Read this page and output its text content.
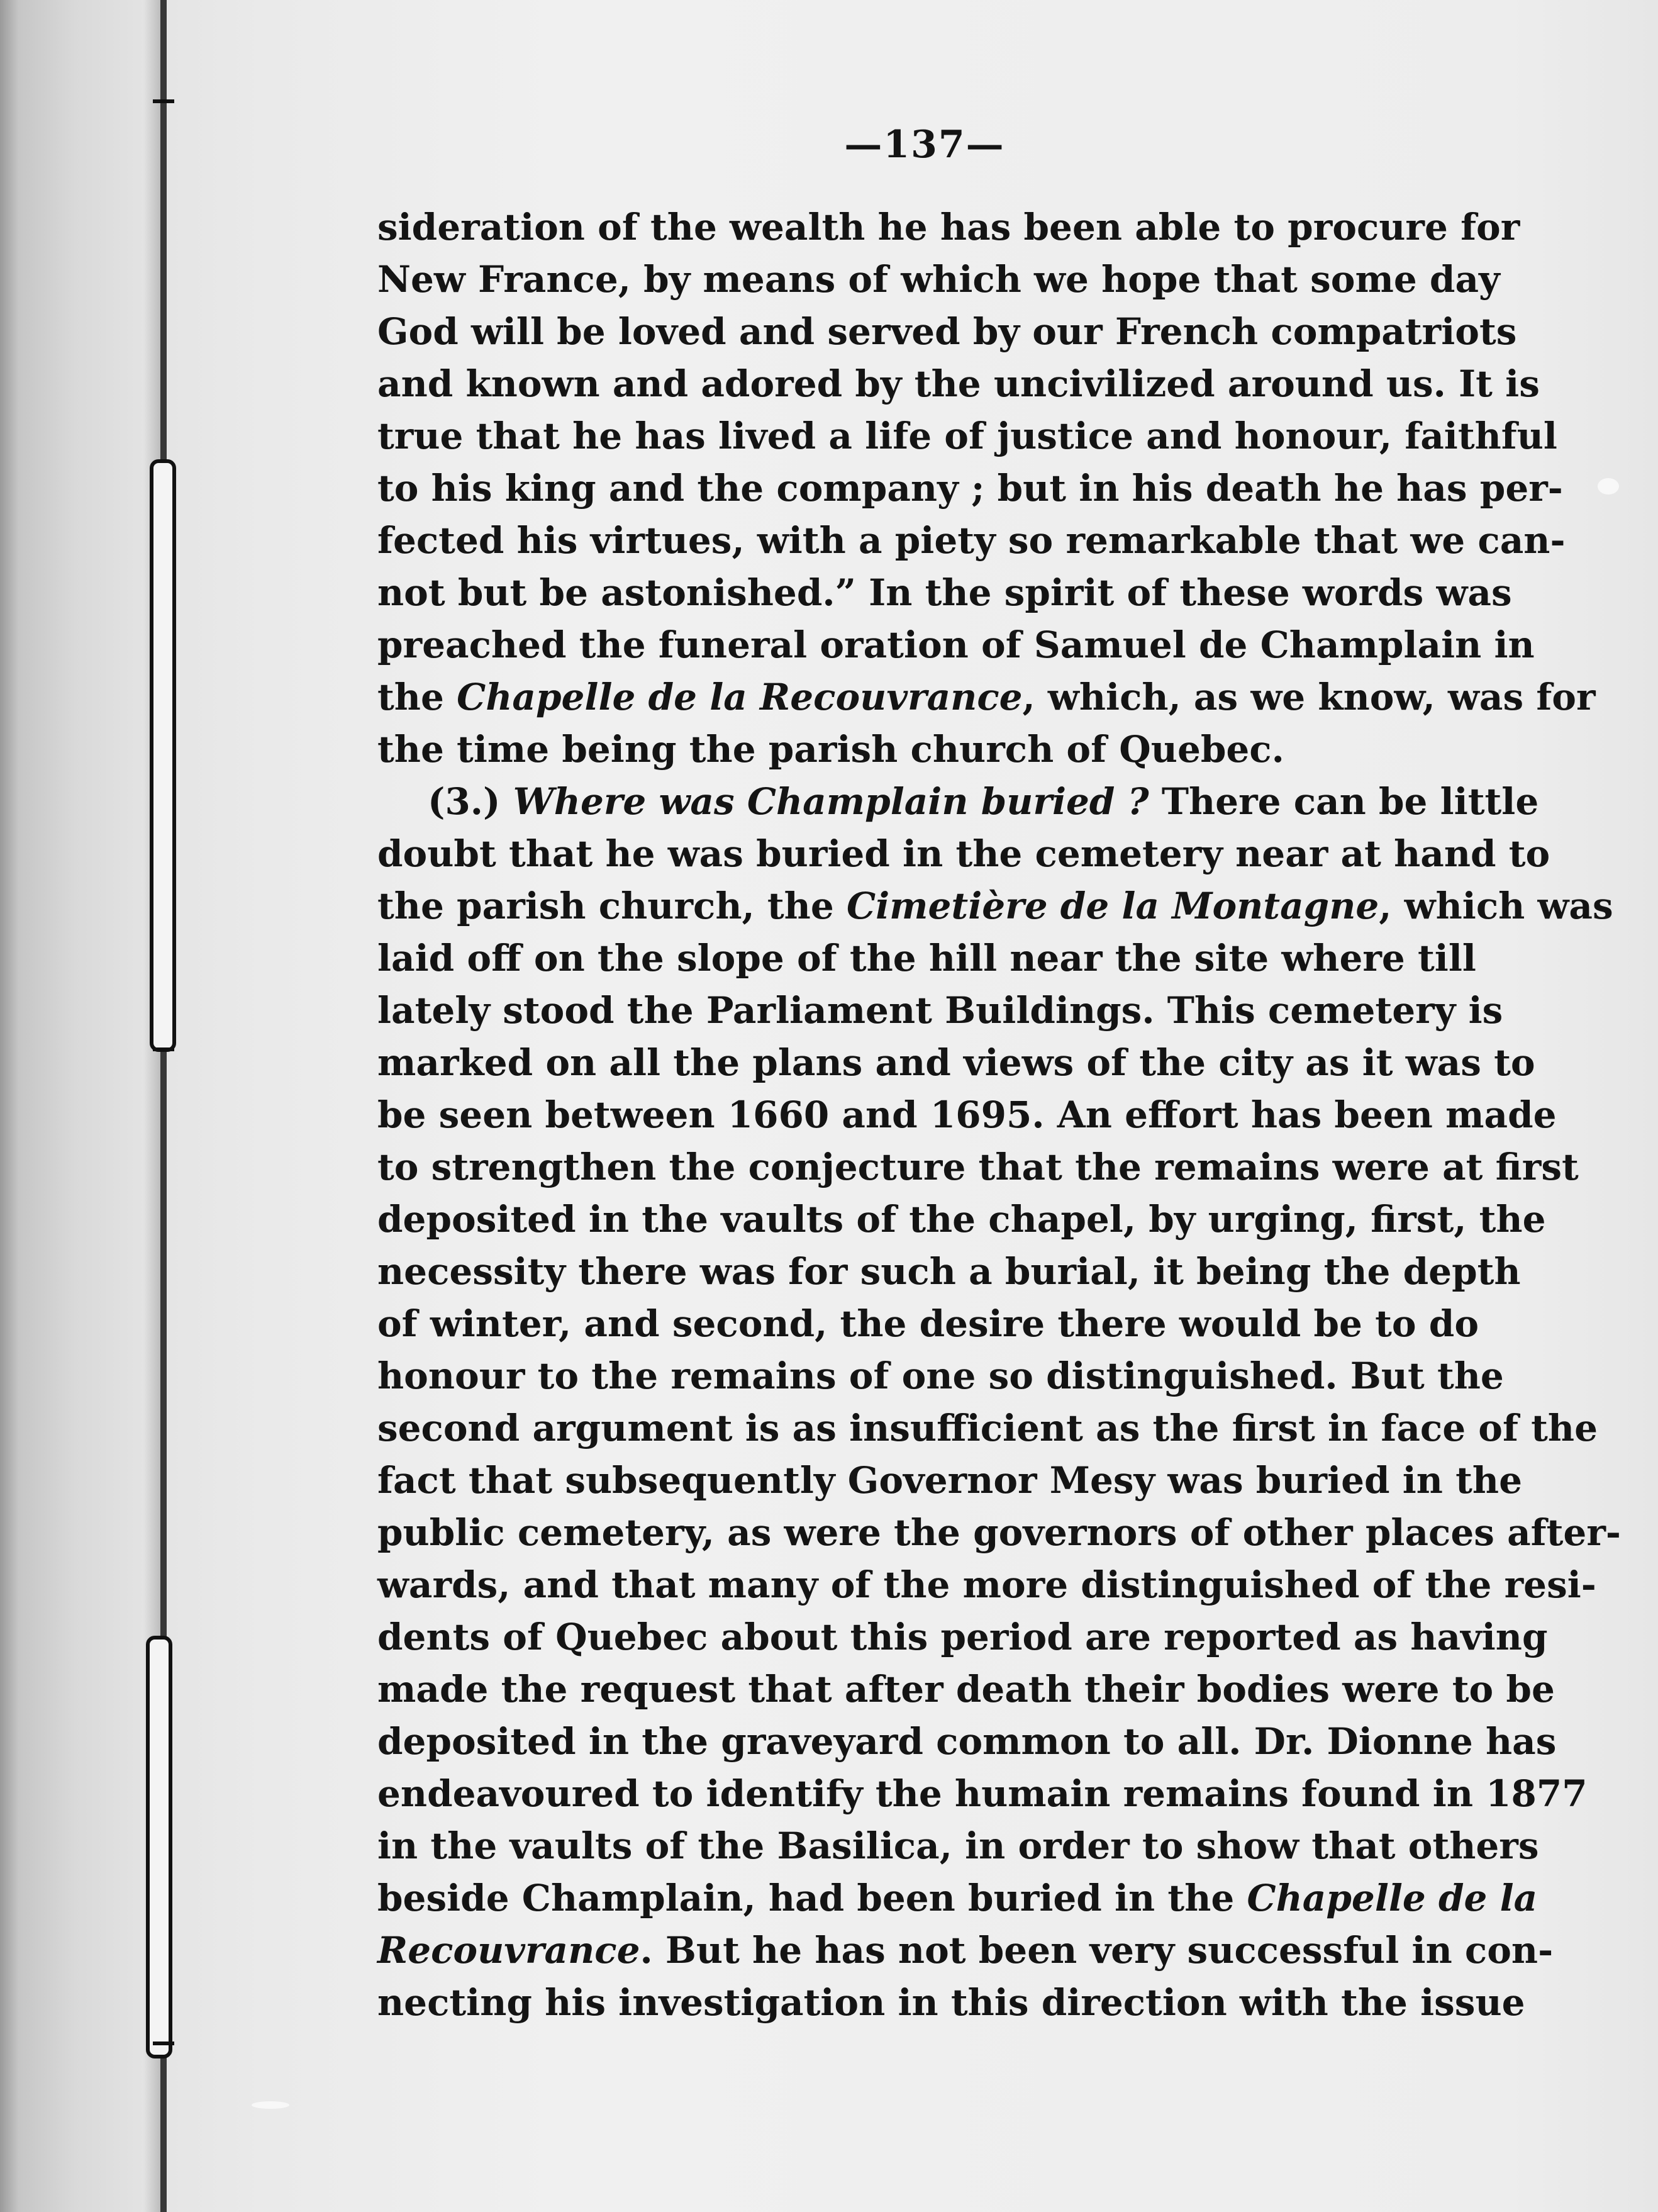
—137—
sideration of the wealth he has been able to procure for
New France, by means of which we hope that some day
God will be loved and served by our French compatriots
and known and adored by the uncivilized around us. It is
true that he has lived a life of justice and honour, faithful
to his king and the company ; but in his death he has per-
fected his virtues, with a piety so remarkable that we can-
not but be astonished.” In the spirit of these words was
preached the funeral oration of Samuel de Champlain in
the Chapelle de la Recouvrance, which, as we know, was for
the time being the parish church of Quebec.
(3.) Where was Champlain buried ? There can be little
doubt that he was buried in the cemetery near at hand to
the parish church, the Cimetière de la Montagne, which was
laid off on the slope of the hill near the site where till
lately stood the Parliament Buildings. This cemetery is
marked on all the plans and views of the city as it was to
be seen between 1660 and 1695. An effort has been made
to strengthen the conjecture that the remains were at first
deposited in the vaults of the chapel, by urging, first, the
necessity there was for such a burial, it being the depth
of winter, and second, the desire there would be to do
honour to the remains of one so distinguished. But the
second argument is as insufficient as the first in face of the
fact that subsequently Governor Mesy was buried in the
public cemetery, as were the governors of other places after-
wards, and that many of the more distinguished of the resi-
dents of Quebec about this period are reported as having
made the request that after death their bodies were to be
deposited in the graveyard common to all. Dr. Dionne has
endeavoured to identify the humain remains found in 1877
in the vaults of the Basilica, in order to show that others
beside Champlain, had been buried in the Chapelle de la
Recouvrance. But he has not been very successful in con-
necting his investigation in this direction with the issue
